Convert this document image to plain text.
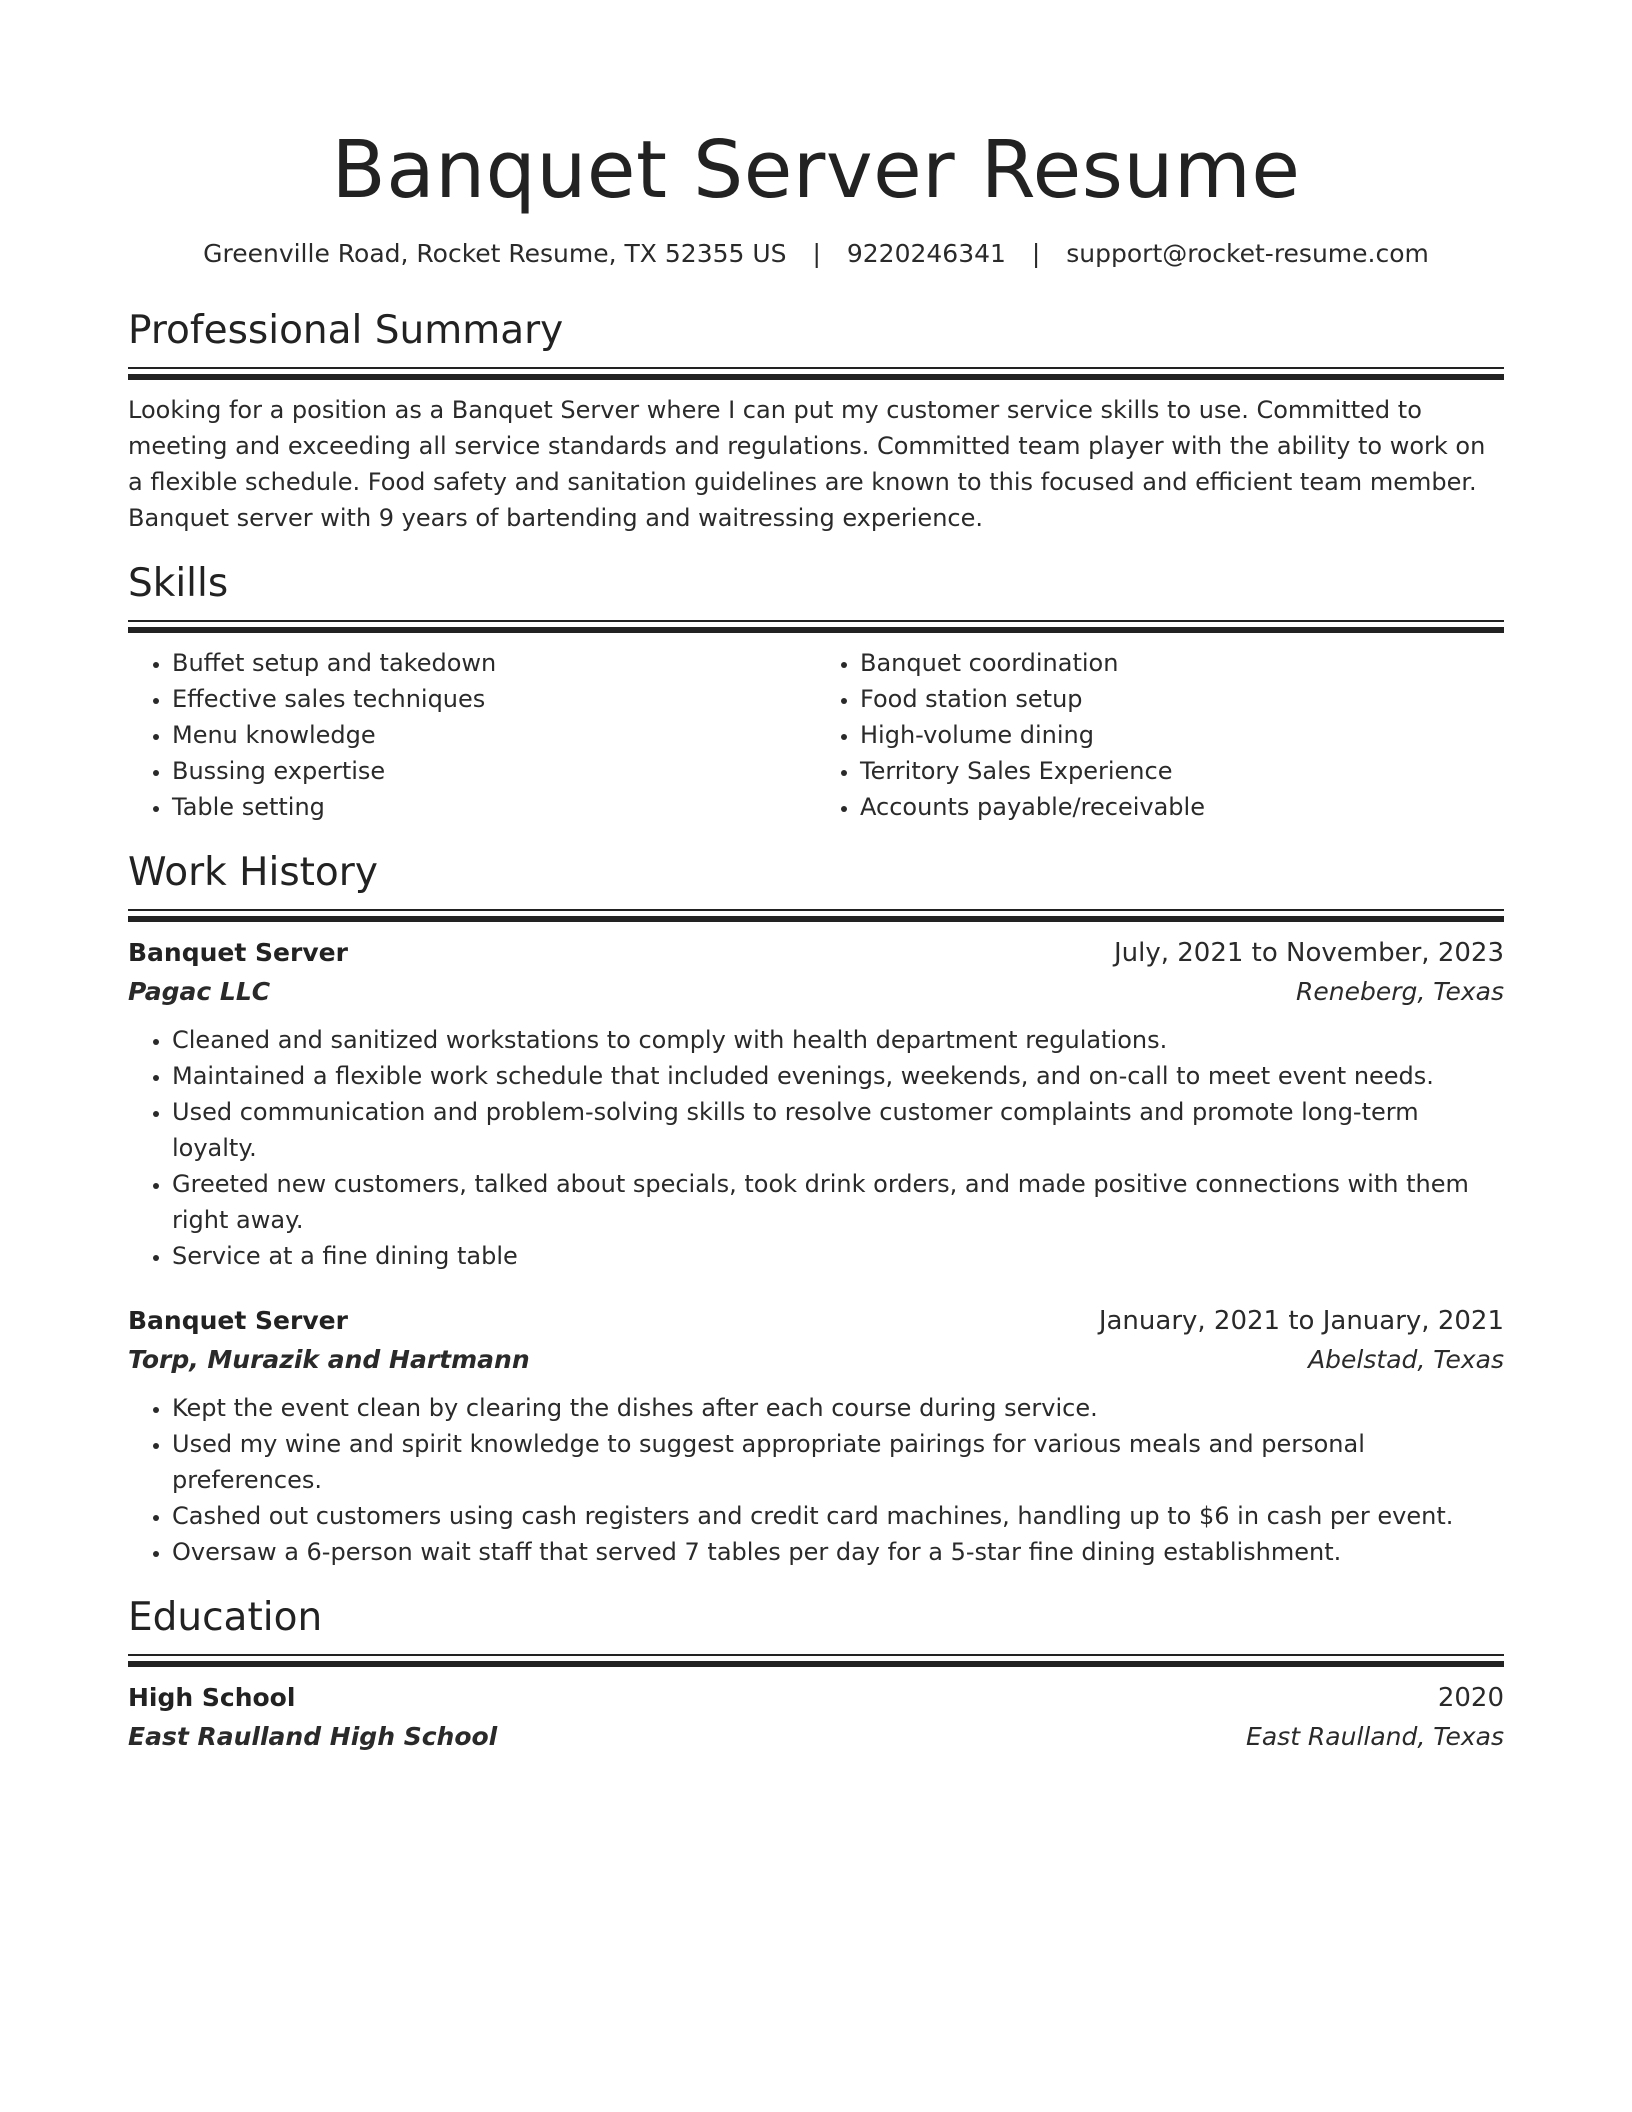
Banquet Server Resume
Greenville Road, Rocket Resume, TX 52355 US | 9220246341 | support@rocket-resume.com
Professional Summary

Looking for a position as a Banquet Server where I can put my customer service skills to use. Committed to meeting and exceeding all service standards and regulations. Committed team player with the ability to work on a flexible schedule. Food safety and sanitation guidelines are known to this focused and efficient team member. Banquet server with 9 years of bartending and waitressing experience.

Skills
• Buffet setup and takedown
• Effective sales techniques
• Menu knowledge
• Bussing expertise
• Table setting
• Banquet coordination
• Food station setup
• High-volume dining
• Territory Sales Experience
• Accounts payable/receivable
Work History
Banquet Server	July, 2021 to November, 2023
Pagac LLC	Reneberg, Texas
• Cleaned and sanitized workstations to comply with health department regulations.
• Maintained a flexible work schedule that included evenings, weekends, and on-call to meet event needs.
• Used communication and problem-solving skills to resolve customer complaints and promote long-term loyalty.
• Greeted new customers, talked about specials, took drink orders, and made positive connections with them right away.
• Service at a fine dining table
Banquet Server	January, 2021 to January, 2021
Torp, Murazik and Hartmann	Abelstad, Texas
• Kept the event clean by clearing the dishes after each course during service.
• Used my wine and spirit knowledge to suggest appropriate pairings for various meals and personal preferences.
• Cashed out customers using cash registers and credit card machines, handling up to $6 in cash per event.
• Oversaw a 6-person wait staff that served 7 tables per day for a 5-star fine dining establishment.
Education
High School	2020
East Raulland High School	East Raulland, Texas
